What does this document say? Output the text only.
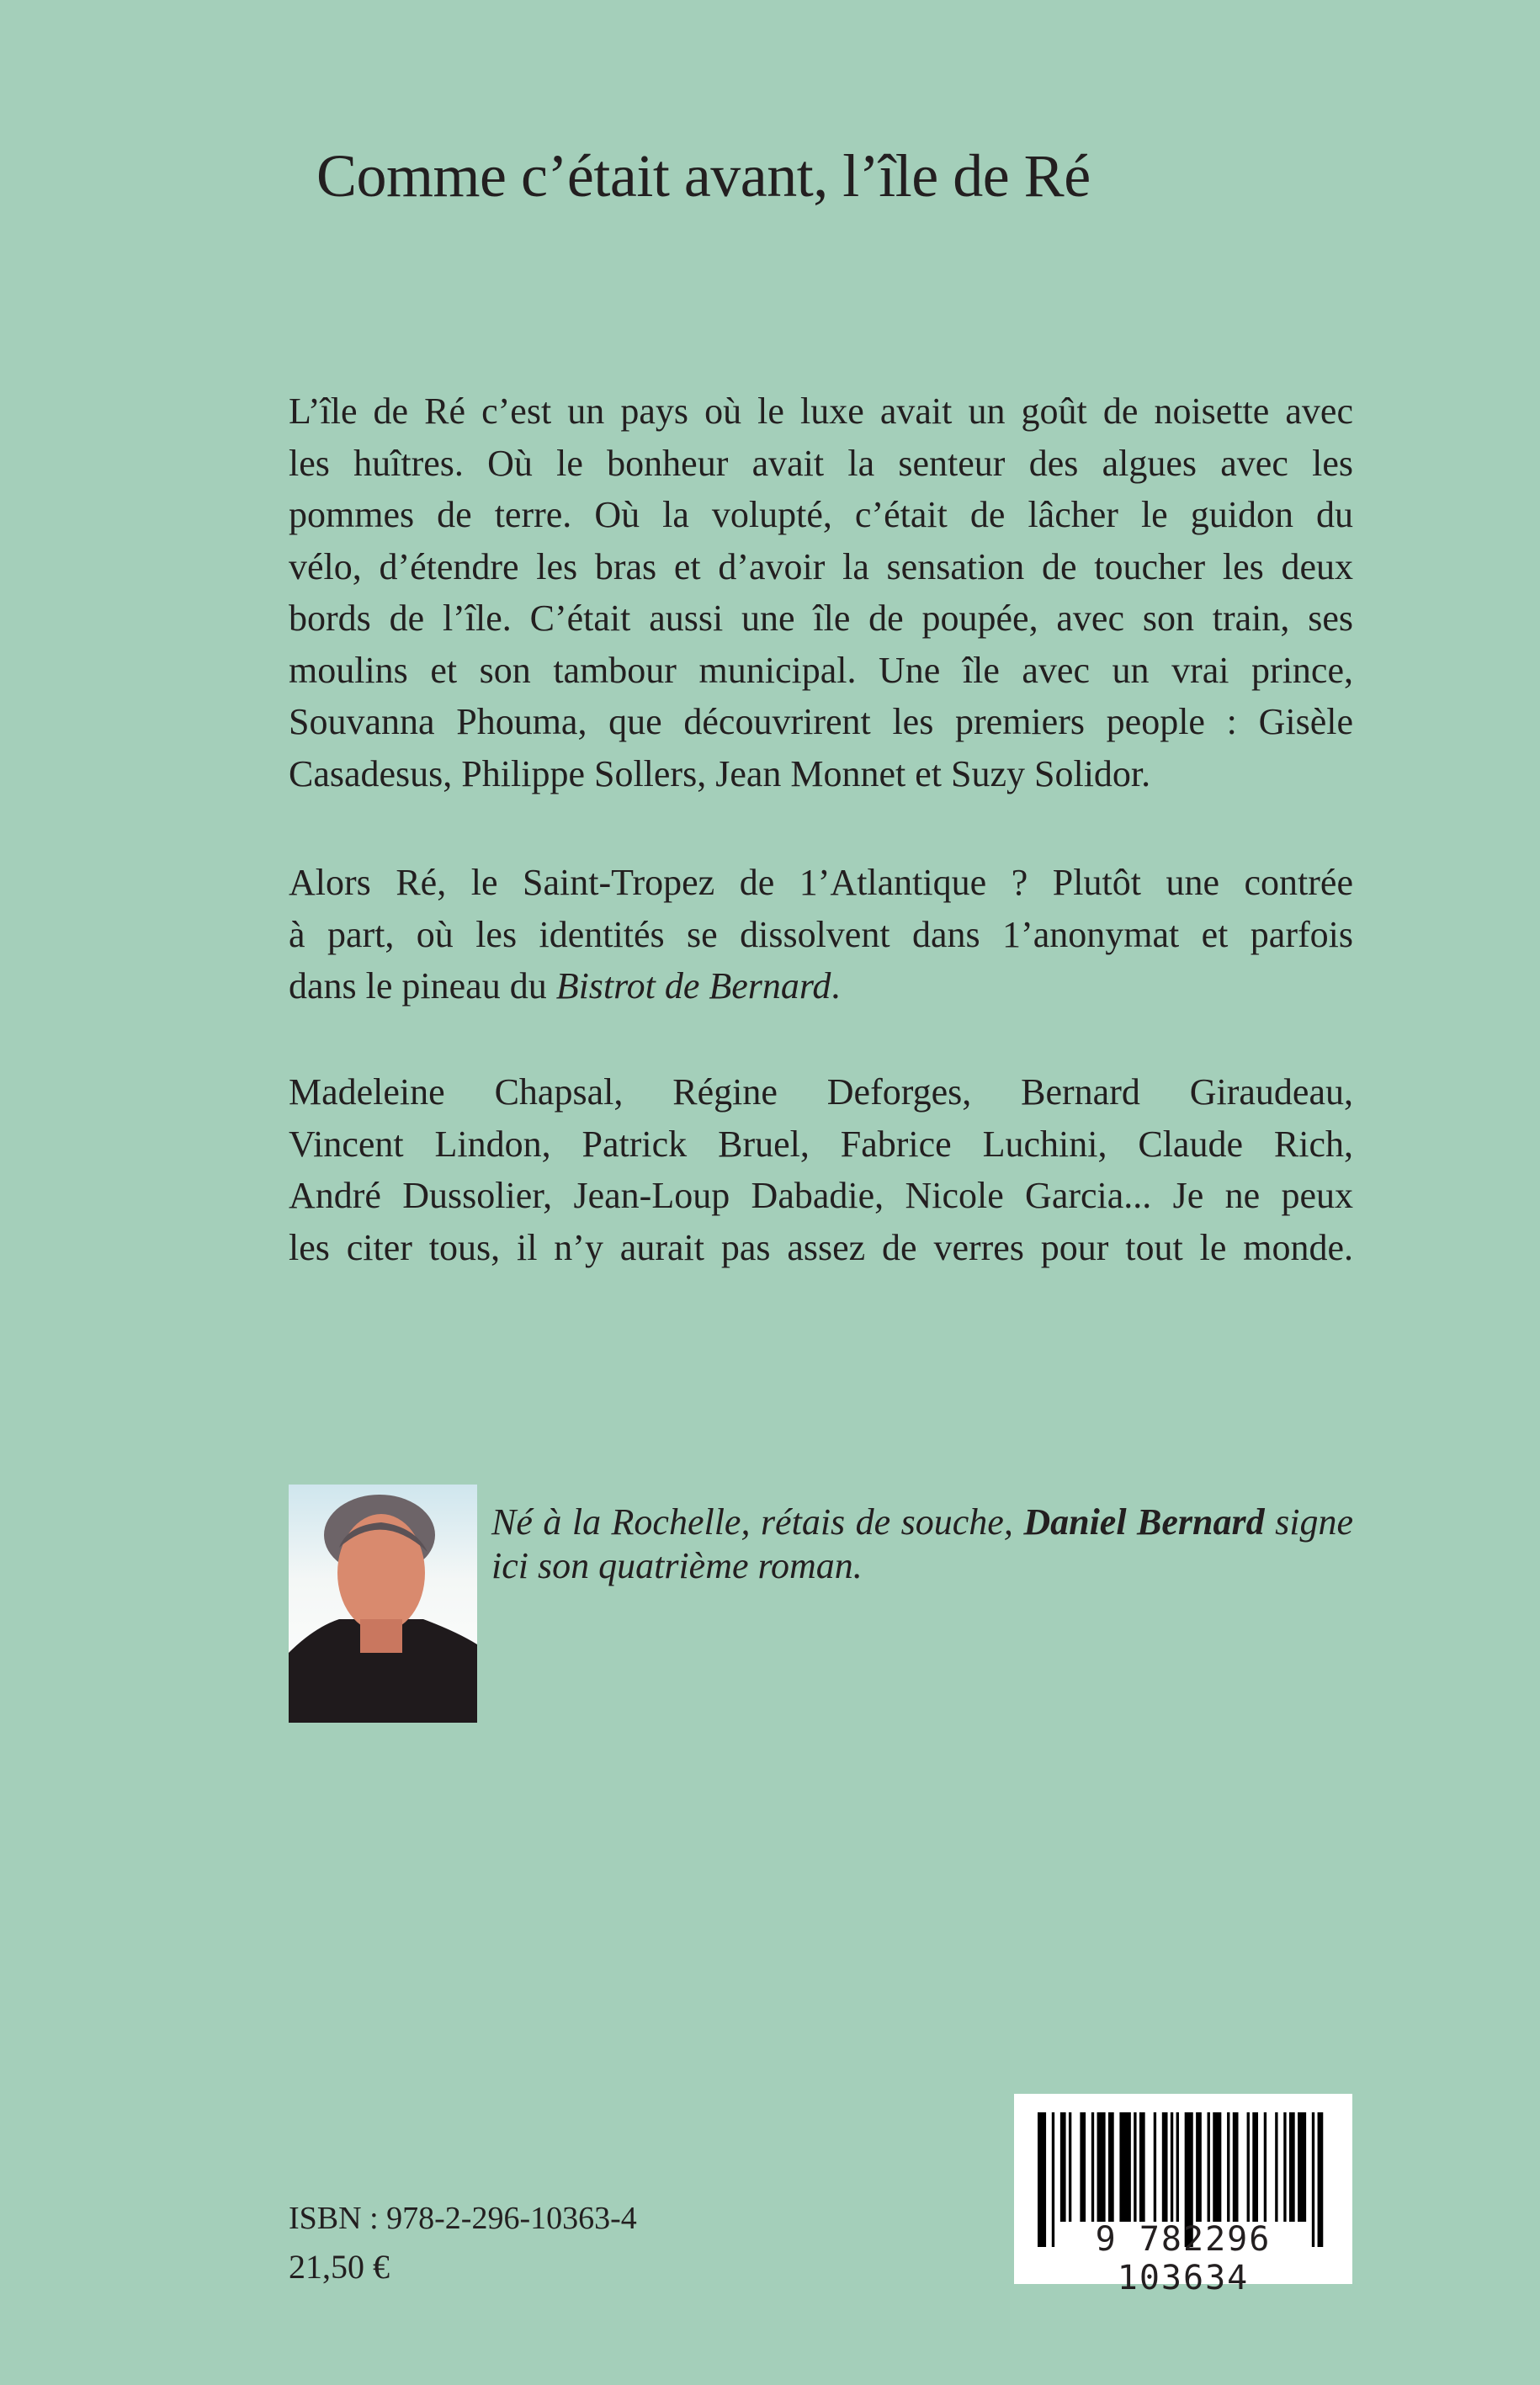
Comme c’était avant, l’île de Ré
L’île de Ré c’est un pays où le luxe avait un goût de noisette avec
les huîtres. Où le bonheur avait la senteur des algues avec les
pommes de terre. Où la volupté, c’était de lâcher le guidon du
vélo, d’étendre les bras et d’avoir la sensation de toucher les deux
bords de l’île. C’était aussi une île de poupée, avec son train, ses
moulins et son tambour municipal. Une île avec un vrai prince,
Souvanna Phouma, que découvrirent les premiers people : Gisèle
Casadesus, Philippe Sollers, Jean Monnet et Suzy Solidor.
Alors Ré, le Saint-Tropez de 1’Atlantique ? Plutôt une contrée
à part, où les identités se dissolvent dans 1’anonymat et parfois
dans le pineau du Bistrot de Bernard.
Madeleine Chapsal, Régine Deforges, Bernard Giraudeau,
Vincent Lindon, Patrick Bruel, Fabrice Luchini, Claude Rich,
André Dussolier, Jean-Loup Dabadie, Nicole Garcia... Je ne peux
les citer tous, il n’y aurait pas assez de verres pour tout le monde.
Né à la Rochelle, rétais de souche, Daniel Bernard signe
ici son quatrième roman.
ISBN : 978-2-296-10363-4
21,50 €
9 782296 103634
